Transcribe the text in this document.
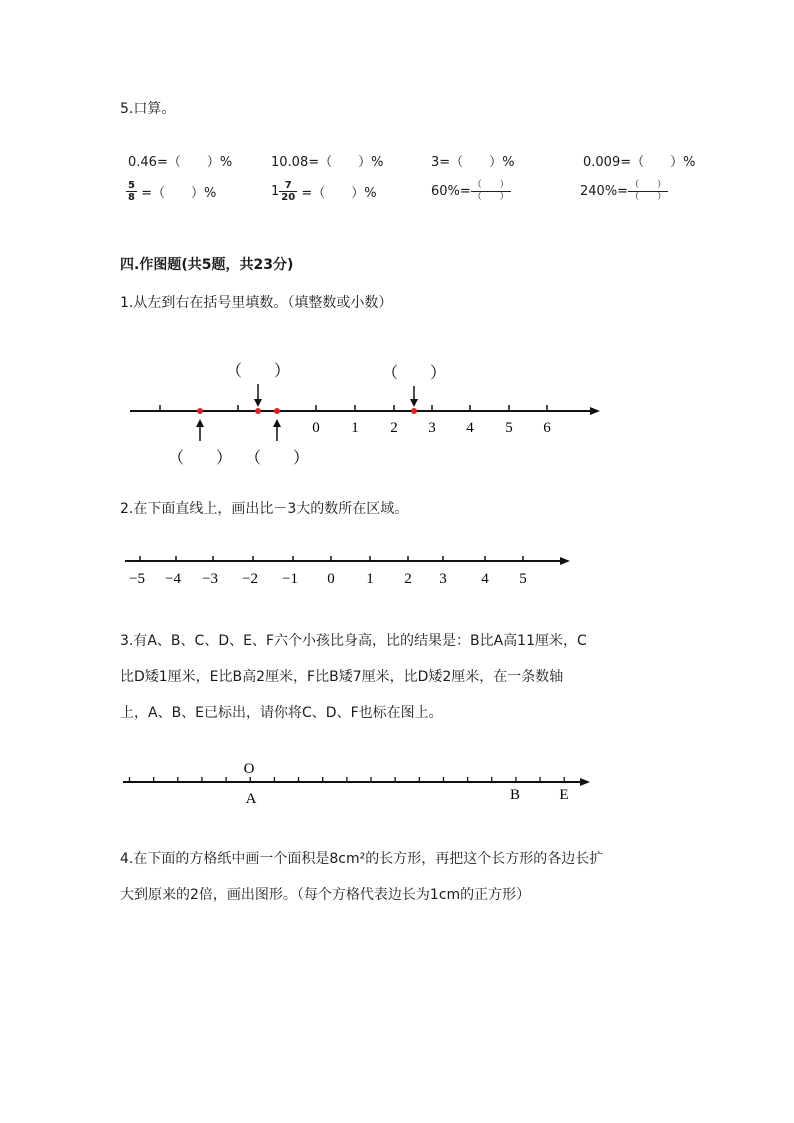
5.口算。
0.46=（　　）%	10.08=（　　）%	3=（　　）%	0.009=（　　）%
$\frac{5}{8}$ =（　　）%	$1 \frac{7}{20}$ =（　　）%	$60\%= \frac{( )}{( )}$	$240\%= \frac{( )}{( )}$
四.作图题(共5题，共23分)
1.从左到右在括号里填数。（填整数或小数）
（　　）	（　　）
0 1 2 3 4 5 6
（　　） （　　）
2.在下面直线上，画出比－3大的数所在区域。
−5 −4 −3 −2 −1 0 1 2 3 4 5
3.有A、B、C、D、E、F六个小孩比身高，比的结果是：B比A高11厘米，C
比D矮1厘米，E比B高2厘米，F比B矮7厘米，比D矮2厘米，在一条数轴
上，A、B、E已标出，请你将C、D、F也标在图上。
O
A	B	E
4.在下面的方格纸中画一个面积是8cm²的长方形，再把这个长方形的各边长扩
大到原来的2倍，画出图形。（每个方格代表边长为1cm的正方形）
